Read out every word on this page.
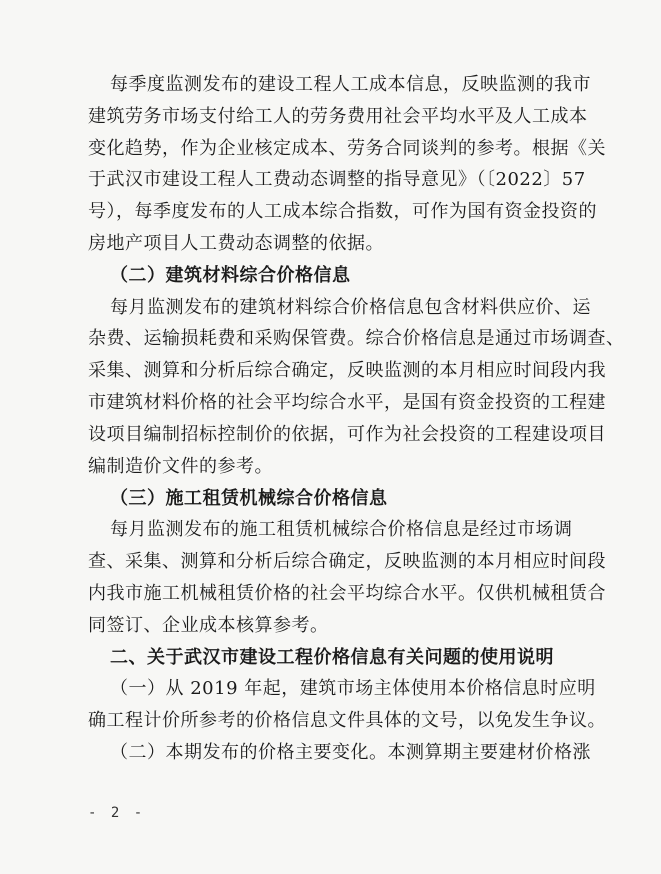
每季度监测发布的建设工程人工成本信息，反映监测的我市
建筑劳务市场支付给工人的劳务费用社会平均水平及人工成本
变化趋势，作为企业核定成本、劳务合同谈判的参考。根据《关
于武汉市建设工程人工费动态调整的指导意见》（〔2022〕57
号），每季度发布的人工成本综合指数，可作为国有资金投资的
房地产项目人工费动态调整的依据。
（二）建筑材料综合价格信息
每月监测发布的建筑材料综合价格信息包含材料供应价、运
杂费、运输损耗费和采购保管费。综合价格信息是通过市场调查、
采集、测算和分析后综合确定，反映监测的本月相应时间段内我
市建筑材料价格的社会平均综合水平，是国有资金投资的工程建
设项目编制招标控制价的依据，可作为社会投资的工程建设项目
编制造价文件的参考。
（三）施工租赁机械综合价格信息
每月监测发布的施工租赁机械综合价格信息是经过市场调
查、采集、测算和分析后综合确定，反映监测的本月相应时间段
内我市施工机械租赁价格的社会平均综合水平。仅供机械租赁合
同签订、企业成本核算参考。
二、关于武汉市建设工程价格信息有关问题的使用说明
（一）从 2019 年起，建筑市场主体使用本价格信息时应明
确工程计价所参考的价格信息文件具体的文号，以免发生争议。
（二）本期发布的价格主要变化。本测算期主要建材价格涨
- 2 -
